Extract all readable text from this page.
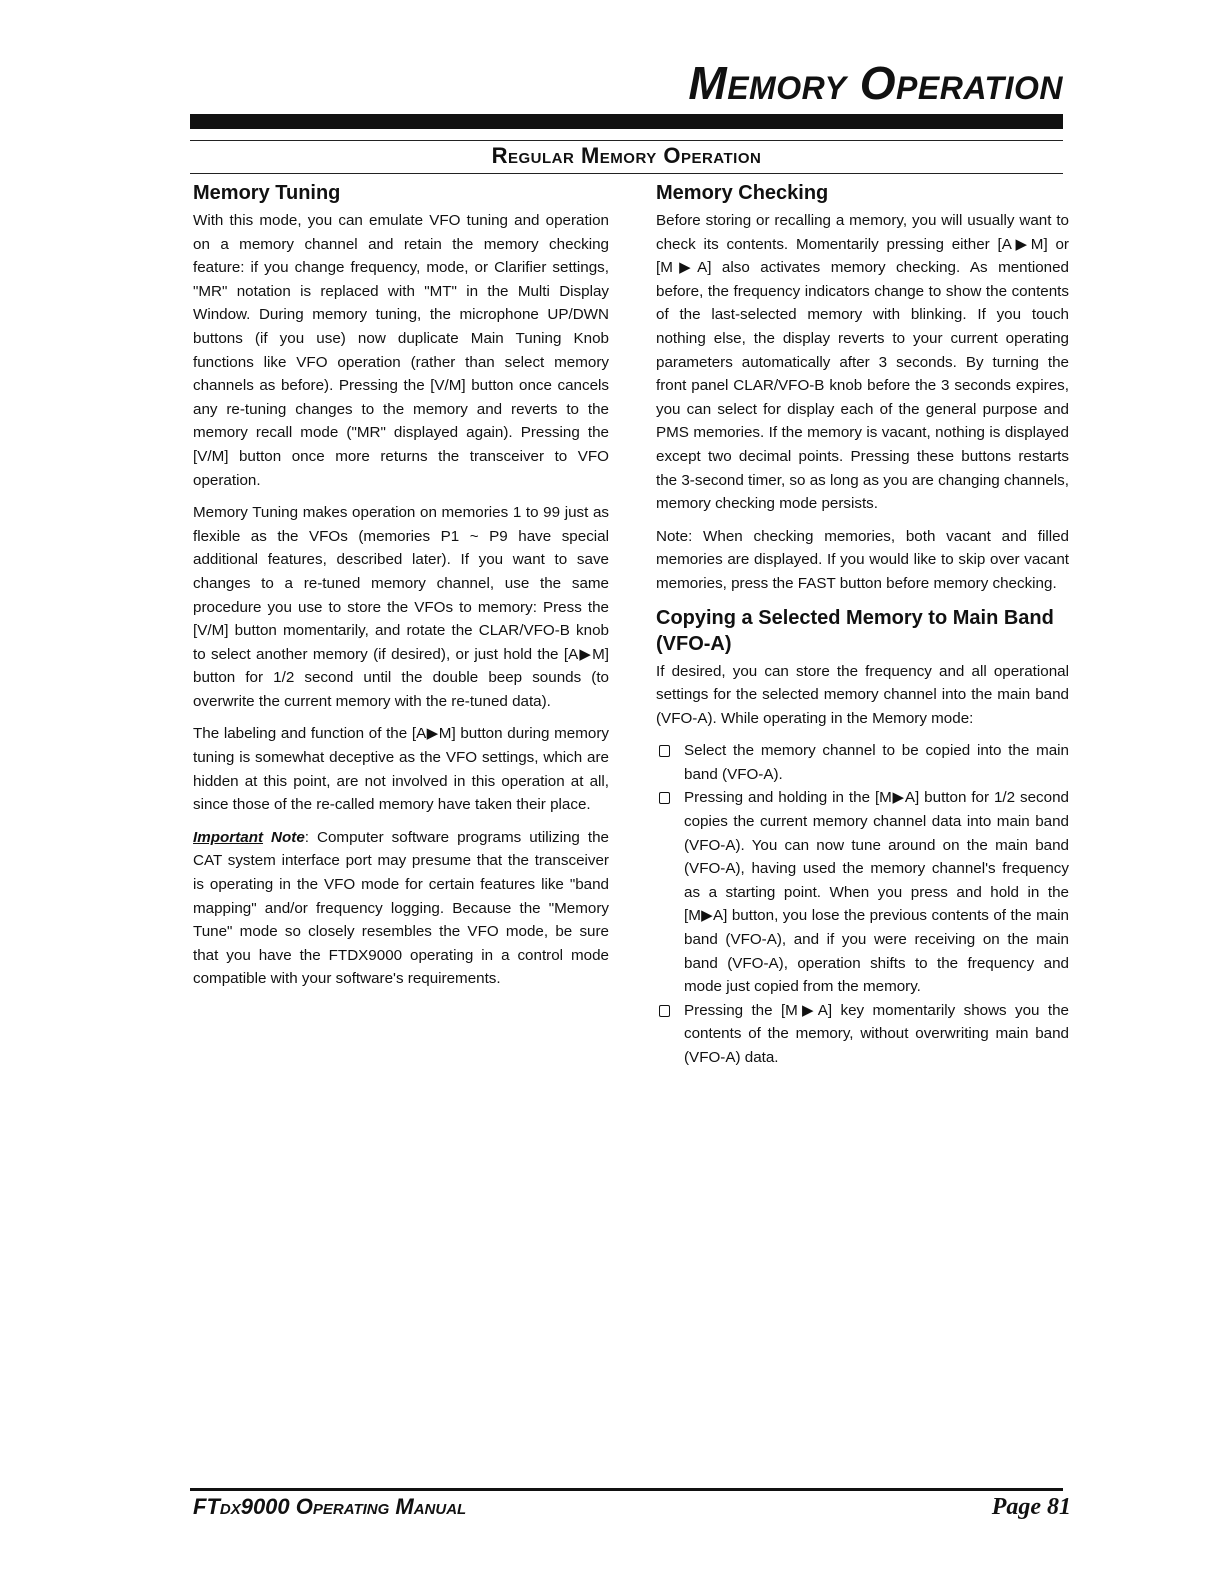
Memory Operation
Regular Memory Operation
Memory Tuning

With this mode, you can emulate VFO tuning and operation on a memory channel and retain the memory checking feature: if you change frequency, mode, or Clarifier settings, "MR" notation is replaced with "MT" in the Multi Display Window. During memory tuning, the microphone UP/DWN buttons (if you use) now duplicate Main Tuning Knob functions like VFO operation (rather than select memory channels as before). Pressing the [V/M] button once cancels any re-tuning changes to the memory and reverts to the memory recall mode ("MR" displayed again). Pressing the [V/M] button once more returns the transceiver to VFO operation.

Memory Tuning makes operation on memories 1 to 99 just as flexible as the VFOs (memories P1 ~ P9 have special additional features, described later). If you want to save changes to a re-tuned memory channel, use the same procedure you use to store the VFOs to memory: Press the [V/M] button momentarily, and rotate the CLAR/VFO-B knob to select another memory (if desired), or just hold the [A▶M] button for 1/2 second until the double beep sounds (to overwrite the current memory with the re-tuned data).

The labeling and function of the [A▶M] button during memory tuning is somewhat deceptive as the VFO settings, which are hidden at this point, are not involved in this operation at all, since those of the re-called memory have taken their place.

Important Note: Computer software programs utilizing the CAT system interface port may presume that the transceiver is operating in the VFO mode for certain features like "band mapping" and/or frequency logging. Because the "Memory Tune" mode so closely resembles the VFO mode, be sure that you have the FTDX9000 operating in a control mode compatible with your software's requirements.

Memory Checking

Before storing or recalling a memory, you will usually want to check its contents. Momentarily pressing either [A▶M] or [M▶A] also activates memory checking. As mentioned before, the frequency indicators change to show the contents of the last-selected memory with blinking. If you touch nothing else, the display reverts to your current operating parameters automatically after 3 seconds. By turning the front panel CLAR/VFO-B knob before the 3 seconds expires, you can select for display each of the general purpose and PMS memories. If the memory is vacant, nothing is displayed except two decimal points. Pressing these buttons restarts the 3-second timer, so as long as you are changing channels, memory checking mode persists.

Note: When checking memories, both vacant and filled memories are displayed. If you would like to skip over vacant memories, press the FAST button before memory checking.

Copying a Selected Memory to Main Band (VFO-A)

If desired, you can store the frequency and all operational settings for the selected memory channel into the main band (VFO-A). While operating in the Memory mode:

Select the memory channel to be copied into the main band (VFO-A).
Pressing and holding in the [M▶A] button for 1/2 second copies the current memory channel data into main band (VFO-A). You can now tune around on the main band (VFO-A), having used the memory channel's frequency as a starting point. When you press and hold in the [M▶A] button, you lose the previous contents of the main band (VFO-A), and if you were receiving on the main band (VFO-A), operation shifts to the frequency and mode just copied from the memory.
Pressing the [M▶A] key momentarily shows you the contents of the memory, without overwriting main band (VFO-A) data.
FTdx9000 Operating Manual	Page 81
